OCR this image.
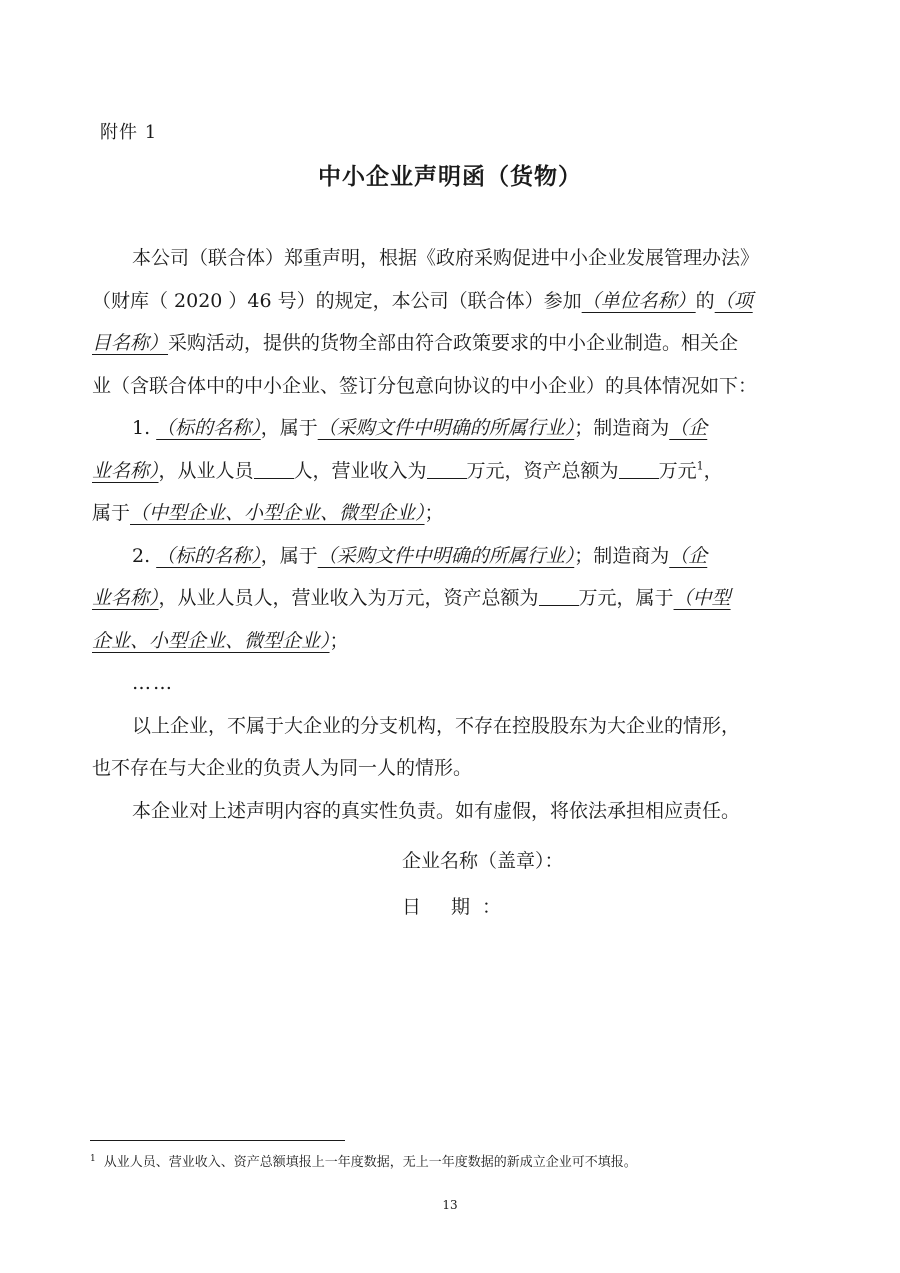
附件 1
中小企业声明函（货物）
本公司（联合体）郑重声明，根据《政府采购促进中小企业发展管理办法》
（财库（ 2020 ）46 号）的规定，本公司（联合体）参加（单位名称）的（项
目名称）采购活动，提供的货物全部由符合政策要求的中小企业制造。相关企
业（含联合体中的中小企业、签订分包意向协议的中小企业）的具体情况如下：
1. （标的名称），属于（采购文件中明确的所属行业）；制造商为（企
业名称），从业人员 人，营业收入为 万元，资产总额为 万元$^1$，
属于（中型企业、小型企业、微型企业）；
2. （标的名称），属于（采购文件中明确的所属行业）；制造商为（企
业名称），从业人员人，营业收入为万元，资产总额为 万元，属于（中型
企业、小型企业、微型企业）；
……
以上企业，不属于大企业的分支机构，不存在控股股东为大企业的情形，
也不存在与大企业的负责人为同一人的情形。
本企业对上述声明内容的真实性负责。如有虚假，将依法承担相应责任。
企业名称（盖章）：
日 期：
$^1$ 从业人员、营业收入、资产总额填报上一年度数据，无上一年度数据的新成立企业可不填报。
13
